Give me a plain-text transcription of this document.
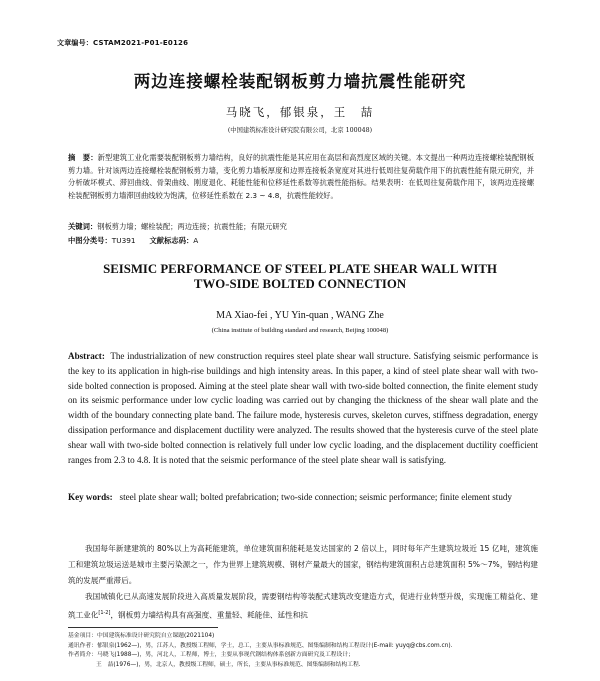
文章编号：CSTAM2021-P01-E0126
两边连接螺栓装配钢板剪力墙抗震性能研究
马晓飞，郁银泉，王　喆
(中国建筑标准设计研究院有限公司，北京 100048)
摘　要：新型建筑工业化需要装配钢板剪力墙结构，良好的抗震性能是其应用在高层和高烈度区域的关键。本文提出一种两边连接螺栓装配钢板剪力墙。针对该两边连接螺栓装配钢板剪力墙，变化剪力墙板厚度和边界连接板条宽度对其进行低周往复荷载作用下的抗震性能有限元研究，并分析破坏模式、滞回曲线、骨架曲线、刚度退化、耗能性能和位移延性系数等抗震性能指标。结果表明：在低周往复荷载作用下，该两边连接螺栓装配钢板剪力墙滞回曲线较为饱满，位移延性系数在 2.3 ~ 4.8，抗震性能较好。
关键词：钢板剪力墙；螺栓装配；两边连接；抗震性能；有限元研究
中图分类号：TU391 文献标志码：A
SEISMIC PERFORMANCE OF STEEL PLATE SHEAR WALL WITH
TWO-SIDE BOLTED CONNECTION
MA Xiao-fei , YU Yin-quan , WANG Zhe
(China institute of building standard and research, Beijing 100048)
Abstract: The industrialization of new construction requires steel plate shear wall structure. Satisfying seismic performance is the key to its application in high-rise buildings and high intensity areas. In this paper, a kind of steel plate shear wall with two-side bolted connection is proposed. Aiming at the steel plate shear wall with two-side bolted connection, the finite element study on its seismic performance under low cyclic loading was carried out by changing the thickness of the shear wall plate and the width of the boundary connecting plate band. The failure mode, hysteresis curves, skeleton curves, stiffness degradation, energy dissipation performance and displacement ductility were analyzed. The results showed that the hysteresis curve of the steel plate shear wall with two-side bolted connection is relatively full under low cyclic loading, and the displacement ductility coefficient ranges from 2.3 to 4.8. It is noted that the seismic performance of the steel plate shear wall is satisfying.
Key words: steel plate shear wall; bolted prefabrication; two-side connection; seismic performance; finite element study

我国每年新建建筑的 80%以上为高耗能建筑，单位建筑面积能耗是发达国家的 2 倍以上，同时每年产生建筑垃圾近 15 亿吨，建筑施工和建筑垃圾运送是城市主要污染源之一，作为世界上建筑规模、钢材产量最大的国家，钢结构建筑面积占总建筑面积 5%～7%，钢结构建筑的发展严重滞后。

我国城镇化已从高速发展阶段进入高质量发展阶段，需要钢结构等装配式建筑改变建造方式，促进行业转型升级，实现施工精益化、建筑工业化[1-2]，钢板剪力墙结构具有高强度、重量轻、耗能佳、延性和抗

基金项目：中国建筑标准设计研究院自立课题(2021104)
通讯作者：郁银泉(1962—)，男，江苏人，教授级工程师，学士，总工，主要从事标准规范、图集编制和结构工程设计(E-mail: yuyq@cbs.com.cn).
作者简介：马晓飞(1988—)，男，河北人，工程师，博士，主要从事现代钢结构体系创新方面研究及工程设计；
王　喆(1976—)，男，北京人，教授级工程师，硕士，所长，主要从事标准规范、图集编制和结构工程.
